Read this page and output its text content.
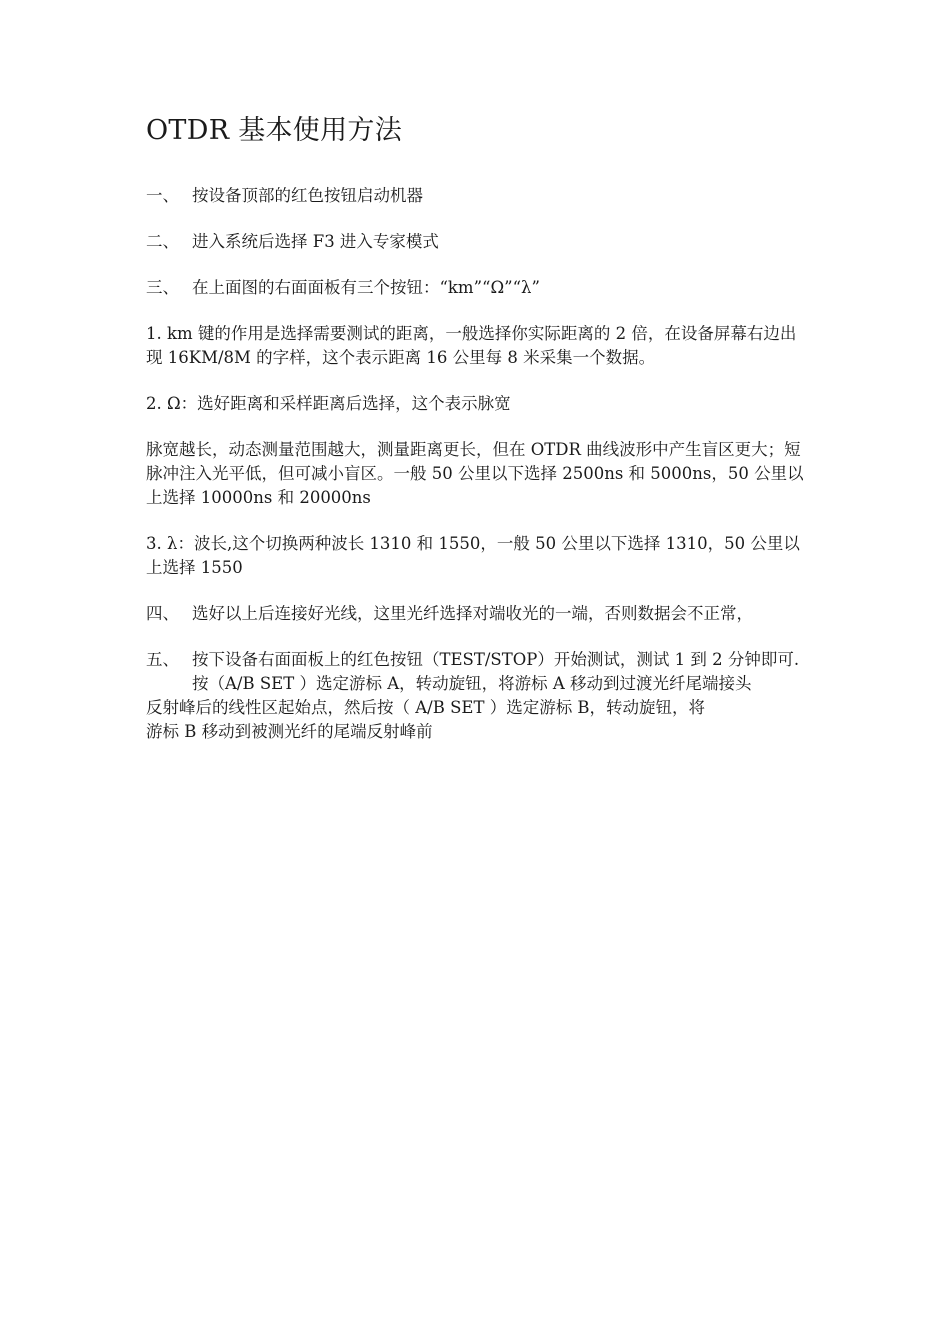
OTDR 基本使用方法
一、 按设备顶部的红色按钮启动机器
二、 进入系统后选择 F3 进入专家模式
三、 在上面图的右面面板有三个按钮：“km”“Ω”“λ”
1. km 键的作用是选择需要测试的距离，一般选择你实际距离的 2 倍，在设备屏幕右边出现 16KM/8M 的字样，这个表示距离 16 公里每 8 米采集一个数据。
2. Ω：选好距离和采样距离后选择，这个表示脉宽
脉宽越长，动态测量范围越大，测量距离更长，但在 OTDR 曲线波形中产生盲区更大；短脉冲注入光平低，但可减小盲区。一般 50 公里以下选择 2500ns 和 5000ns，50 公里以上选择 10000ns 和 20000ns
3. λ：波长,这个切换两种波长 1310 和 1550，一般 50 公里以下选择 1310，50 公里以上选择 1550
四、 选好以上后连接好光线，这里光纤选择对端收光的一端，否则数据会不正常，
五、 按下设备右面面板上的红色按钮（TEST/STOP）开始测试，测试 1 到 2 分钟即可. 按（A/B SET ）选定游标 A，转动旋钮，将游标 A 移动到过渡光纤尾端接头

反射峰后的线性区起始点，然后按（ A/B SET ）选定游标 B，转动旋钮，将

游标 B 移动到被测光纤的尾端反射峰前
